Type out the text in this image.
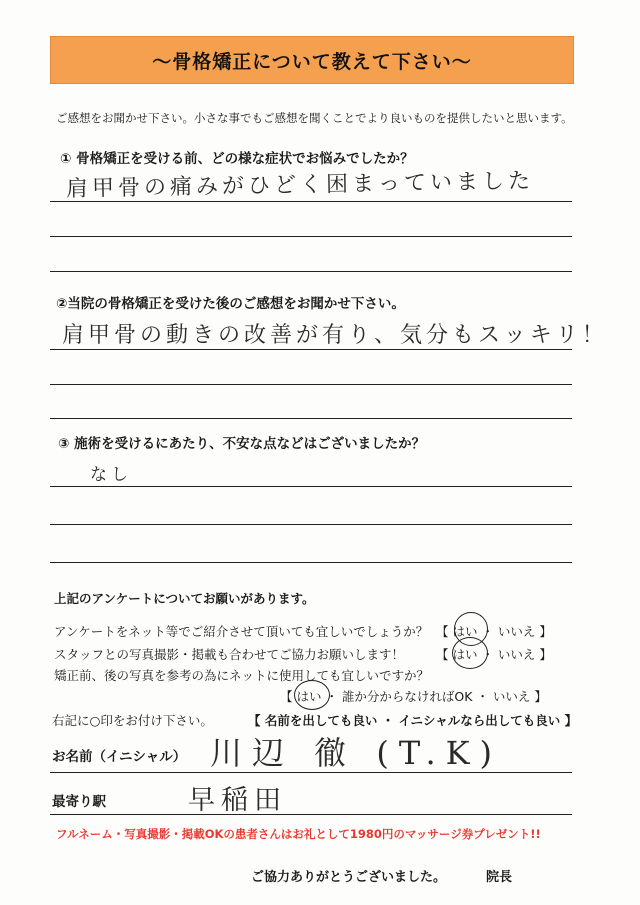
～骨格矯正について教えて下さい～
ご感想をお聞かせ下さい。小さな事でもご感想を聞くことでより良いものを提供したいと思います。
① 骨格矯正を受ける前、どの様な症状でお悩みでしたか？
肩甲骨の痛みがひどく困まっていました
②当院の骨格矯正を受けた後のご感想をお聞かせ下さい。
肩甲骨の動きの改善が有り、気分もスッキリ！
③ 施術を受けるにあたり、不安な点などはございましたか？
なし
上記のアンケートについてお願いがあります。
アンケートをネット等でご紹介させて頂いても宜しいでしょうか？ 【 はい ・ いいえ 】
スタッフとの写真撮影・掲載も合わせてご協力お願いします！	【 はい ・ いいえ 】
矯正前、後の写真を参考の為にネットに使用しても宜しいですか？
【 はい ・ 誰か分からなければOK ・ いいえ 】
右記に○印をお付け下さい。	【 名前を出しても良い ・ イニシャルなら出しても良い 】
お名前（イニシャル） 川辺 徹 (T.K)
最寄り駅	早稲田
フルネーム・写真撮影・掲載OKの患者さんはお礼として1980円のマッサージ券プレゼント!!
ご協力ありがとうございました。	院長
